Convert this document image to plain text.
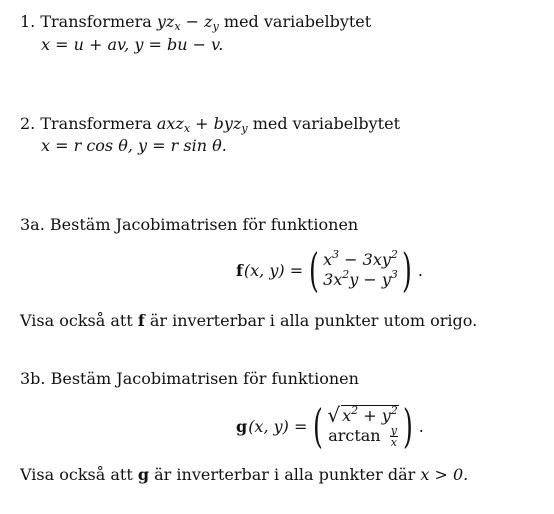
1. Transformera $yz_x - z_y$ med variabelbytet
x = u + av, y = bu − v.
2. Transformera axz$_x$ + byz$_y$ med variabelbytet
x = r cos θ, y = r sin θ.
3a. Bestäm Jacobimatrisen för funktionen
f (x, y) = ( $x^3 - 3xy^2$
$3x^2y - y^3$ ) .
Visa också att f är inverterbar i alla punkter utom origo.
3b. Bestäm Jacobimatrisen för funktionen
g (x, y) = ( √ $x^2 + y^2$
$\arctan \frac{y}{x}$ ) .
Visa också att g är inverterbar i alla punkter där x > 0.
